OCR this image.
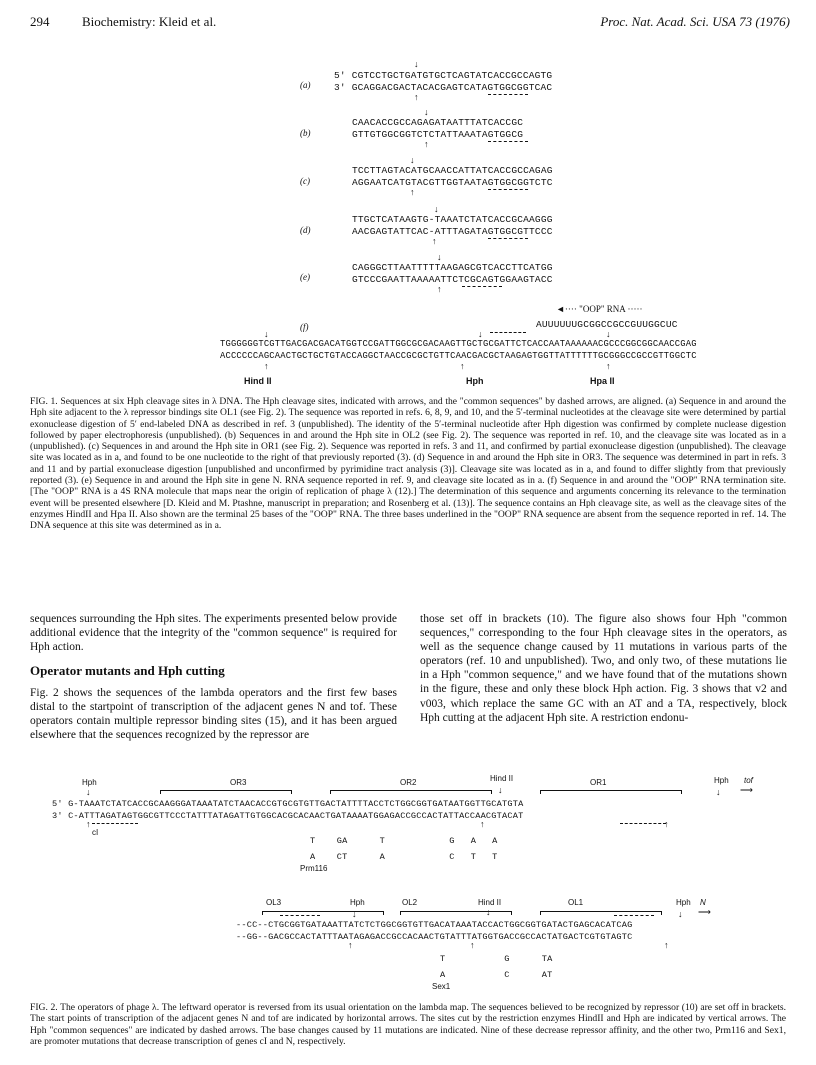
294	Biochemistry: Kleid et al.	Proc. Nat. Acad. Sci. USA 73 (1976)
(a)
↓
5′ CGTCCTGCTGATGTGCTCAGTATCACCGCCAGTG
3′ GCAGGACGACTACACGAGTCATAGTGGCGGTCAC
↑
(b)
↓
CAACACCGCCAGAGATAATTTATCACCGC
GTTGTGGCGGTCTCTATTAAATAGTGGCG
↑
(c)
↓
TCCTTAGTACATGCAACCATTATCACCGCCAGAG
AGGAATCATGTACGTTGGTAATAGTGGCGGTCTC
↑
(d)
↓
TTGCTCATAAGTG-TAAATCTATCACCGCAAGGG
AACGAGTATTCAC-ATTTAGATAGTGGCGTTCCC
↑
(e)
↓
CAGGGCTTAATTTTTAAGAGCGTCACCTTCATGG
GTCCCGAATTAAAAATTCTCGCAGTGGAAGTACC
↑
(f)
◄···· "OOP" RNA ·····
AUUUUUUGCGGCCGCCGUUGGCUC
↓	↓	↓
TGGGGGGTCGTTGACGACGACATGGTCCGATTGGCGCGACAAGTTGCTGCGATTCTCACCAATAAAAAACGCCCGGCGGCAACCGAG
ACCCCCCAGCAACTGCTGCTGTACCAGGCTAACCGCGCTGTTCAACGACGCTAAGAGTGGTTATTTTTTGCGGGCCGCCGTTGGCTC
↑	↑	↑
Hind II	Hph	Hpa II
FIG. 1. Sequences at six Hph cleavage sites in λ DNA. The Hph cleavage sites, indicated with arrows, and the "common sequences" by dashed arrows, are aligned. (a) Sequence in and around the Hph site adjacent to the λ repressor bindings site OL1 (see Fig. 2). The sequence was reported in refs. 6, 8, 9, and 10, and the 5′-terminal nucleotides at the cleavage site were determined by partial exonuclease digestion of 5′ end-labeled DNA as described in ref. 3 (unpublished). The identity of the 5′-terminal nucleotide after Hph digestion was confirmed by complete nuclease digestion followed by paper electrophoresis (unpublished). (b) Sequences in and around the Hph site in OL2 (see Fig. 2). The sequence was reported in ref. 10, and the cleavage site was located as in a (unpublished). (c) Sequences in and around the Hph site in OR1 (see Fig. 2). Sequence was reported in refs. 3 and 11, and confirmed by partial exonuclease digestion (unpublished). The cleavage site was located as in a, and found to be one nucleotide to the right of that previously reported (3). (d) Sequence in and around the Hph site in OR3. The sequence was determined in part in refs. 3 and 11 and by partial exonuclease digestion [unpublished and unconfirmed by pyrimidine tract analysis (3)]. Cleavage site was located as in a, and found to differ slightly from that previously reported (3). (e) Sequence in and around the Hph site in gene N. RNA sequence reported in ref. 9, and cleavage site located as in a. (f) Sequence in and around the "OOP" RNA termination site. [The "OOP" RNA is a 4S RNA molecule that maps near the origin of replication of phage λ (12).] The determination of this sequence and arguments concerning its relevance to the termination event will be presented elsewhere [D. Kleid and M. Ptashne, manuscript in preparation; and Rosenberg et al. (13)]. The sequence contains an Hph cleavage site, as well as the cleavage sites of the enzymes HindII and Hpa II. Also shown are the terminal 25 bases of the "OOP" RNA. The three bases underlined in the "OOP" RNA sequence are absent from the sequence reported in ref. 14. The DNA sequence at this site was determined as in a.
sequences surrounding the Hph sites. The experiments presented below provide additional evidence that the integrity of the "common sequence" is required for Hph action.
Operator mutants and Hph cutting
Fig. 2 shows the sequences of the lambda operators and the first few bases distal to the startpoint of transcription of the adjacent genes N and tof. These operators contain multiple repressor binding sites (15), and it has been argued elsewhere that the sequences recognized by the repressor are
those set off in brackets (10). The figure also shows four Hph "common sequences," corresponding to the four Hph cleavage sites in the operators, as well as the sequence change caused by 11 mutations in various parts of the operators (ref. 10 and unpublished). Two, and only two, of these mutations lie in a Hph "common sequence," and we have found that of the mutations shown in the figure, these and only these block Hph action. Fig. 3 shows that v2 and v003, which replace the same GC with an AT and a TA, respectively, block Hph cutting at the adjacent Hph site. A restriction endonu-
Hph	OR3	OR2	Hind II	OR1	Hph tof
↓	↓	↓ ⟶
5′ G-TAAATCTATCACCGCAAGGGATAAATATCTAACACCGTGCGTGTTGACTATTTTACCTCTGGCGGTGATAATGGTTGCATGTA
3′ C-ATTTAGATAGTGGCGTTCCCTATTTATAGATTGTGGCACGCACAACTGATAAAATGGAGACCGCCACTATTACCAACGTACAT
↑	↑	↑
cI
T    GA      T            G   A   A
A    CT      A            C   T   T
Prm116
OL3	Hph	OL2	Hind II	OL1	Hph N
↓	↓	↓ ⟶
--CC--CTGCGGTGATAAATTATCTCTGGCGGTGTTGACATAAATACCACTGGCGGTGATACTGAGCACATCAG
--GG--GACGCCACTATTTAATAGAGACCGCCACAACTGTATTTATGGTGACCGCCACTATGACTCGTGTAGTC
↑	↑	↑
T           G      TA
A           C      AT
Sex1
FIG. 2. The operators of phage λ. The leftward operator is reversed from its usual orientation on the lambda map. The sequences believed to be recognized by repressor (10) are set off in brackets. The start points of transcription of the adjacent genes N and tof are indicated by horizontal arrows. The sites cut by the restriction enzymes HindII and Hph are indicated by vertical arrows. The Hph "common sequences" are indicated by dashed arrows. The base changes caused by 11 mutations are indicated. Nine of these decrease repressor affinity, and the other two, Prm116 and Sex1, are promoter mutations that decrease transcription of genes cI and N, respectively.
